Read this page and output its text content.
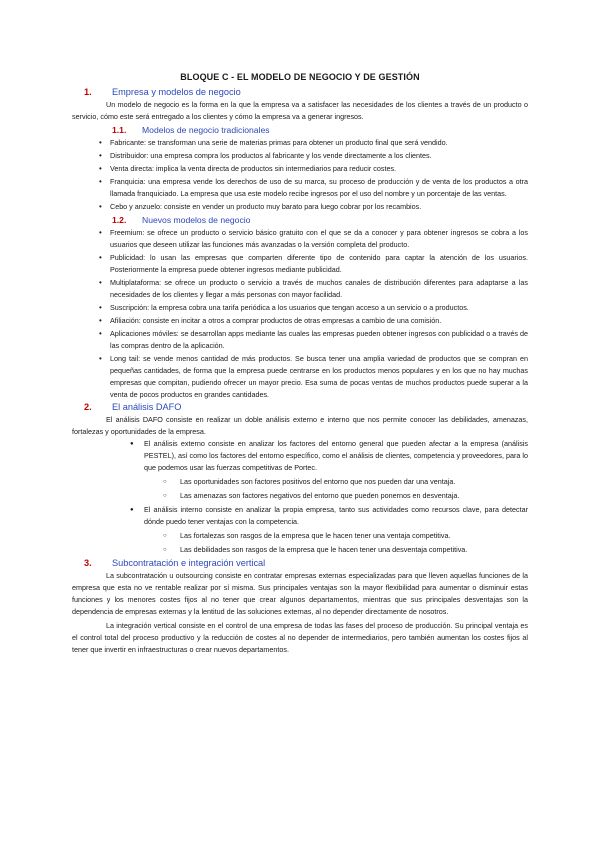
BLOQUE C - EL MODELO DE NEGOCIO Y DE GESTIÓN
1.	Empresa y modelos de negocio

Un modelo de negocio es la forma en la que la empresa va a satisfacer las necesidades de los clientes a través de un producto o servicio, cómo este será entregado a los clientes y cómo la empresa va a generar ingresos.

1.1.	Modelos de negocio tradicionales
• Fabricante: se transforman una serie de materias primas para obtener un producto final que será vendido.
• Distribuidor: una empresa compra los productos al fabricante y los vende directamente a los clientes.
• Venta directa: implica la venta directa de productos sin intermediarios para reducir costes.
• Franquicia: una empresa vende los derechos de uso de su marca, su proceso de producción y de venta de los productos a otra llamada franquiciado. La empresa que usa este modelo recibe ingresos por el uso del nombre y un porcentaje de las ventas.
• Cebo y anzuelo: consiste en vender un producto muy barato para luego cobrar por los recambios.
1.2.	Nuevos modelos de negocio
• Freemium: se ofrece un producto o servicio básico gratuito con el que se da a conocer y para obtener ingresos se cobra a los usuarios que deseen utilizar las funciones más avanzadas o la versión completa del producto.
• Publicidad: lo usan las empresas que comparten diferente tipo de contenido para captar la atención de los usuarios. Posteriormente la empresa puede obtener ingresos mediante publicidad.
• Multiplataforma: se ofrece un producto o servicio a través de muchos canales de distribución diferentes para adaptarse a las necesidades de los clientes y llegar a más personas con mayor facilidad.
• Suscripción: la empresa cobra una tarifa periódica a los usuarios que tengan acceso a un servicio o a productos.
• Afiliación: consiste en incitar a otros a comprar productos de otras empresas a cambio de una comisión.
• Aplicaciones móviles: se desarrollan apps mediante las cuales las empresas pueden obtener ingresos con publicidad o a través de las compras dentro de la aplicación.
• Long tail: se vende menos cantidad de más productos. Se busca tener una amplia variedad de productos que se compran en pequeñas cantidades, de forma que la empresa puede centrarse en los productos menos populares y en los que no hay muchas empresas que compitan, pudiendo ofrecer un mayor precio. Esa suma de pocas ventas de muchos productos puede superar a la venta de pocos productos en grandes cantidades.
2.	El análisis DAFO

El análisis DAFO consiste en realizar un doble análisis externo e interno que nos permite conocer las debilidades, amenazas, fortalezas y oportunidades de la empresa.

● El análisis externo consiste en analizar los factores del entorno general que pueden afectar a la empresa (análisis PESTEL), así como los factores del entorno específico, como el análisis de clientes, competencia y proveedores, para lo que podemos usar las fuerzas competitivas de Portec.
○ Las oportunidades son factores positivos del entorno que nos pueden dar una ventaja.
○ Las amenazas son factores negativos del entorno que pueden ponernos en desventaja.
● El análisis interno consiste en analizar la propia empresa, tanto sus actividades como recursos clave, para detectar dónde puedo tener ventajas con la competencia.
○ Las fortalezas son rasgos de la empresa que le hacen tener una ventaja competitiva.
○ Las debilidades son rasgos de la empresa que le hacen tener una desventaja competitiva.
3.	Subcontratación e integración vertical

La subcontratación u outsourcing consiste en contratar empresas externas especializadas para que lleven aquellas funciones de la empresa que esta no ve rentable realizar por sí misma. Sus principales ventajas son la mayor flexibilidad para aumentar o disminuir estas funciones y los menores costes fijos al no tener que crear algunos departamentos, mientras que sus principales desventajas son la dependencia de empresas externas y la lentitud de las soluciones externas, al no depender directamente de nosotros.

La integración vertical consiste en el control de una empresa de todas las fases del proceso de producción. Su principal ventaja es el control total del proceso productivo y la reducción de costes al no depender de intermediarios, pero también aumentan los costes fijos al tener que invertir en infraestructuras o crear nuevos departamentos.
